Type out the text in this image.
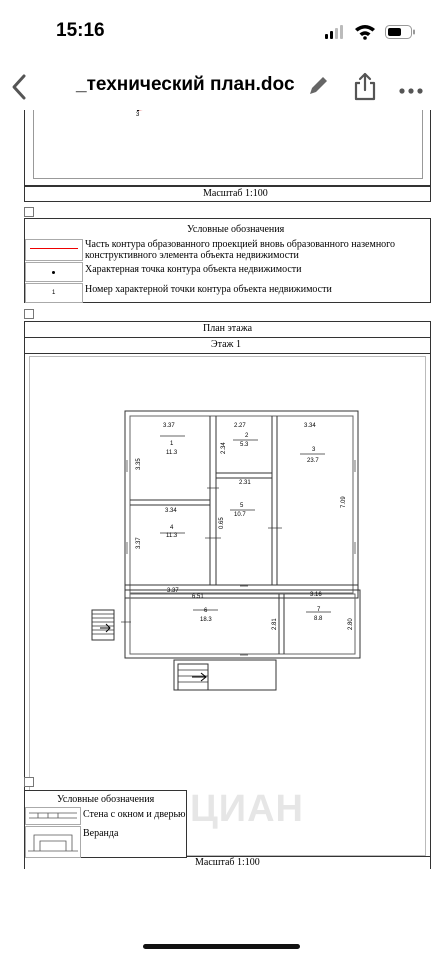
15:16
_технический план.doc
3
Масштаб 1:100
Условные обозначения
Часть контура образованного проекцией вновь образованного наземного конструктивного элемента объекта недвижимости
Характерная точка контура объекта недвижимости
1	Номер характерной точки контура объекта недвижимости
План этажа
Этаж 1
Масштаб 1:100
1
11.3
2
5.3
3
23.7
4
11.3
5
10.7
6
18.3
7
8.8
3.37	2.27	3.34
3.35
2.34
2.31
7.09
3.34
0.65
3.37
3.37
6.51	3.16
2.81	2.80
Условные обозначения
Стена с окном и дверью
Веранда
ЦИАН
